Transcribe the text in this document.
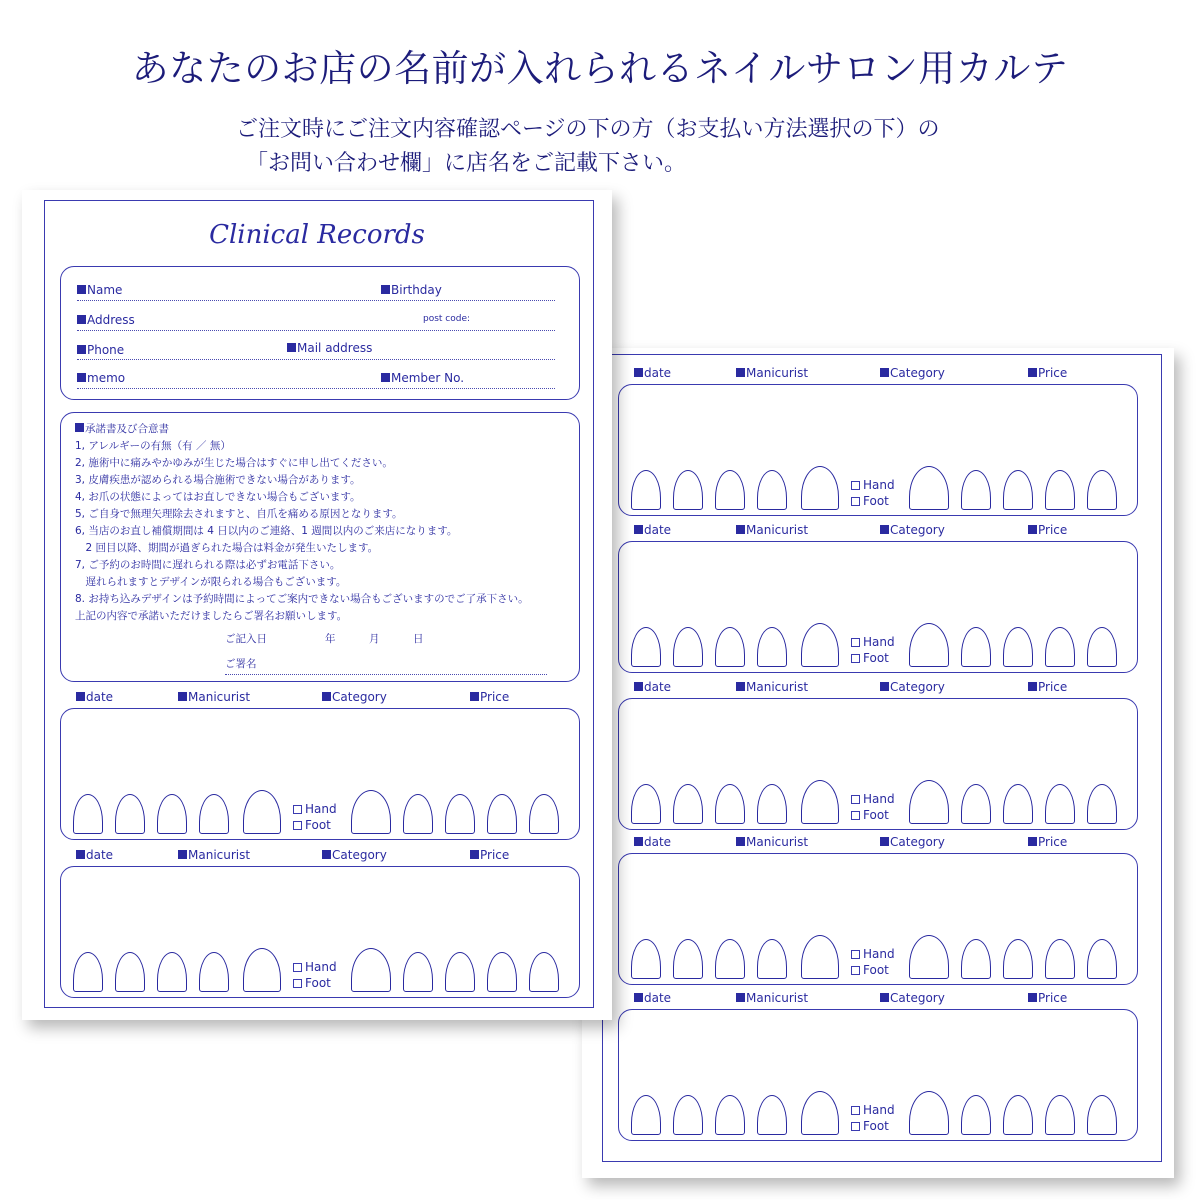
あなたのお店の名前が入れられるネイルサロン用カルテ
ご注文時にご注文内容確認ページの下の方（お支払い方法選択の下）の
「お問い合わせ欄」に店名をご記載下さい。
date	Manicurist	Category	Price
Hand
Foot
date	Manicurist	Category	Price
Hand
Foot
date	Manicurist	Category	Price
Hand
Foot
date	Manicurist	Category	Price
Hand
Foot
date	Manicurist	Category	Price
Hand
Foot
Clinical Records
Name	Birthday
Address	post code:
Phone	Mail address
memo	Member No.
承諾書及び合意書
1, アレルギーの有無（有 ／ 無）
2, 施術中に痛みやかゆみが生じた場合はすぐに申し出てください。
3, 皮膚疾患が認められる場合施術できない場合があります。
4, お爪の状態によってはお直しできない場合もございます。
5, ご自身で無理矢理除去されますと、自爪を痛める原因となります。
6, 当店のお直し補償期間は 4 日以内のご連絡、1 週間以内のご来店になります。
　2 回目以降、期間が過ぎられた場合は料金が発生いたします。
7, ご予約のお時間に遅れられる際は必ずお電話下さい。
　遅れられますとデザインが限られる場合もございます。
8. お持ち込みデザインは予約時間によってご案内できない場合もございますのでご了承下さい。
上記の内容で承諾いただけましたらご署名お願いします。
ご記入日	年	月	日
ご署名
date	Manicurist	Category	Price
Hand
Foot
date	Manicurist	Category	Price
Hand
Foot
